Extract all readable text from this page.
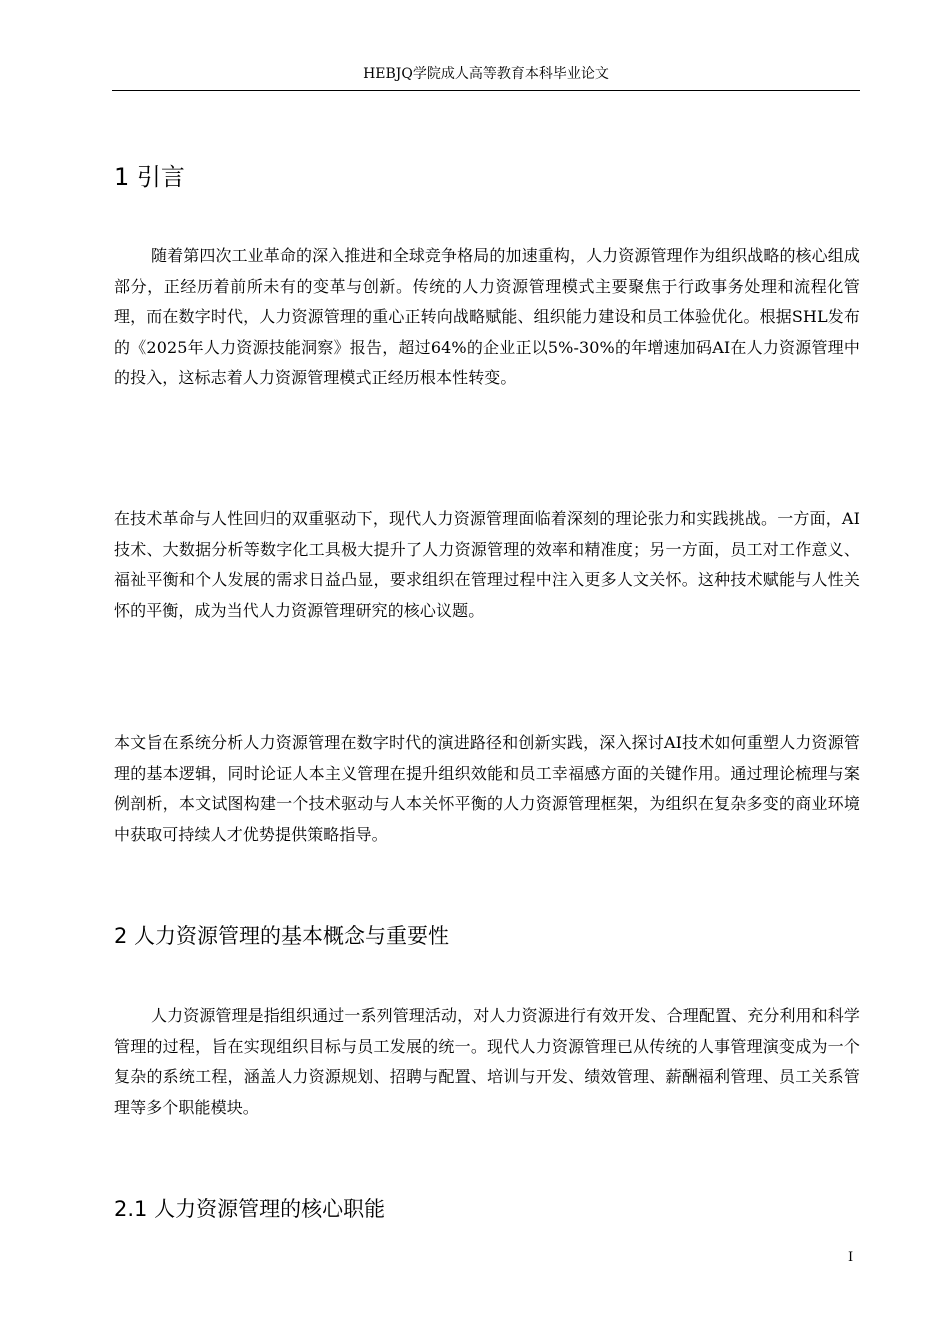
HEBJQ学院成人高等教育本科毕业论文
1 引言
随着第四次工业革命的深入推进和全球竞争格局的加速重构，人力资源管理作为组织战略的核心组成部分，正经历着前所未有的变革与创新。传统的人力资源管理模式主要聚焦于行政事务处理和流程化管理，而在数字时代，人力资源管理的重心正转向战略赋能、组织能力建设和员工体验优化。根据SHL发布的《2025年人力资源技能洞察》报告，超过64%的企业正以5%-30%的年增速加码AI在人力资源管理中的投入，这标志着人力资源管理模式正经历根本性转变。
在技术革命与人性回归的双重驱动下，现代人力资源管理面临着深刻的理论张力和实践挑战。一方面，AI技术、大数据分析等数字化工具极大提升了人力资源管理的效率和精准度；另一方面，员工对工作意义、福祉平衡和个人发展的需求日益凸显，要求组织在管理过程中注入更多人文关怀。这种技术赋能与人性关怀的平衡，成为当代人力资源管理研究的核心议题。
本文旨在系统分析人力资源管理在数字时代的演进路径和创新实践，深入探讨AI技术如何重塑人力资源管理的基本逻辑，同时论证人本主义管理在提升组织效能和员工幸福感方面的关键作用。通过理论梳理与案例剖析，本文试图构建一个技术驱动与人本关怀平衡的人力资源管理框架，为组织在复杂多变的商业环境中获取可持续人才优势提供策略指导。
2 人力资源管理的基本概念与重要性
人力资源管理是指组织通过一系列管理活动，对人力资源进行有效开发、合理配置、充分利用和科学管理的过程，旨在实现组织目标与员工发展的统一。现代人力资源管理已从传统的人事管理演变成为一个复杂的系统工程，涵盖人力资源规划、招聘与配置、培训与开发、绩效管理、薪酬福利管理、员工关系管理等多个职能模块。
2.1 人力资源管理的核心职能
I
